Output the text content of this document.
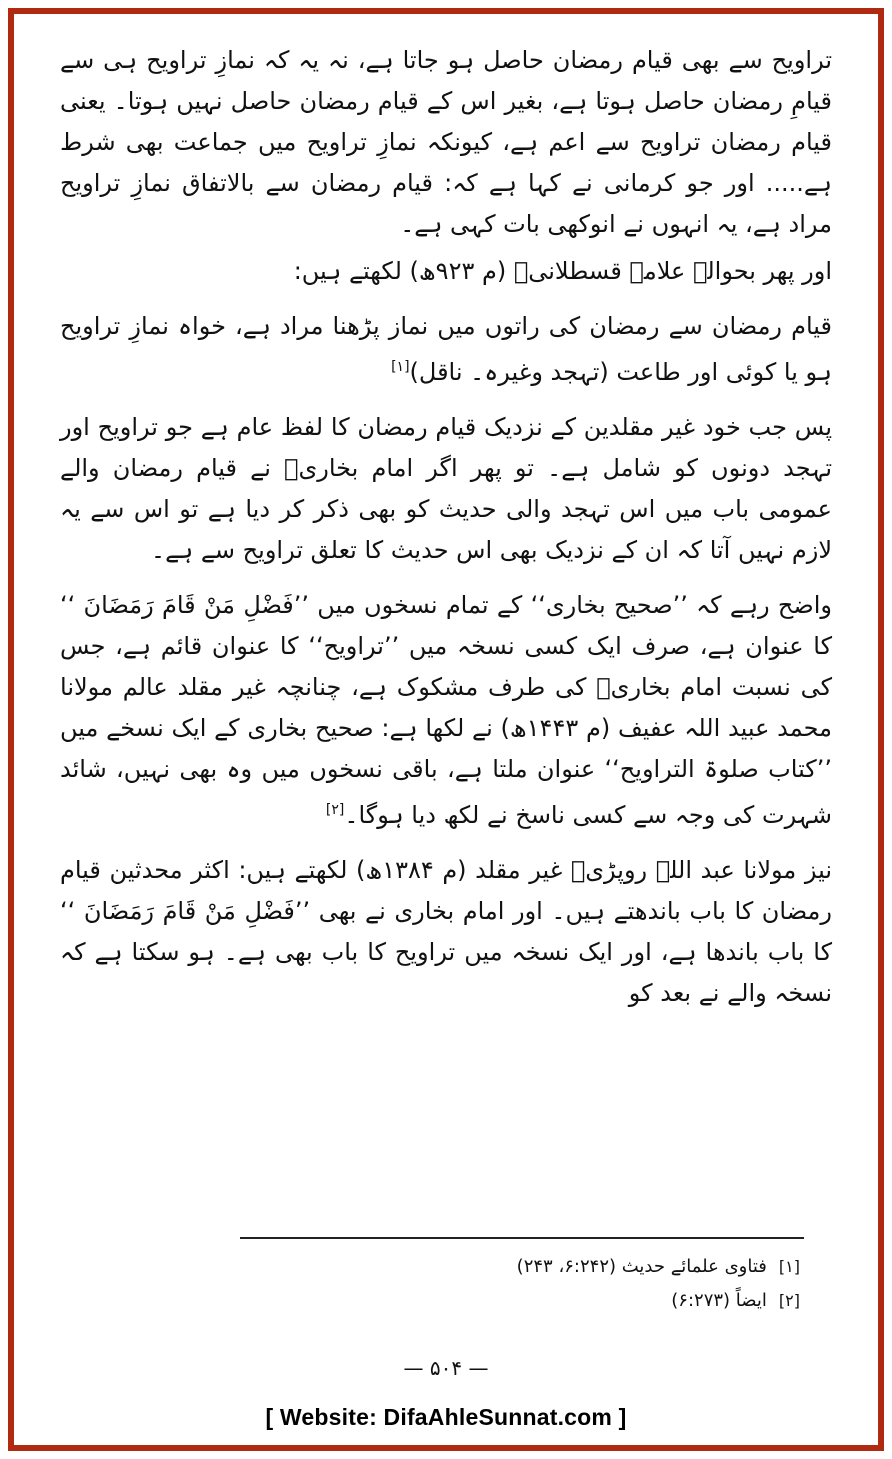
تراویح سے بھی قیام رمضان حاصل ہو جاتا ہے، نہ یہ کہ نمازِ تراویح ہی سے قیامِ رمضان حاصل ہوتا ہے، بغیر اس کے قیام رمضان حاصل نہیں ہوتا۔ یعنی قیام رمضان تراویح سے اعم ہے، کیونکہ نمازِ تراویح میں جماعت بھی شرط ہے..... اور جو کرمانی نے کہا ہے کہ: قیام رمضان سے بالاتفاق نمازِ تراویح مراد ہے، یہ انہوں نے انوکھی بات کہی ہے۔

اور پھر بحوالہ علامہ قسطلانیؒ (م ۹۲۳ھ) لکھتے ہیں:

قیام رمضان سے رمضان کی راتوں میں نماز پڑھنا مراد ہے، خواہ نمازِ تراویح ہو یا کوئی اور طاعت (تہجد وغیرہ۔ ناقل)[۱]

پس جب خود غیر مقلدین کے نزدیک قیام رمضان کا لفظ عام ہے جو تراویح اور تہجد دونوں کو شامل ہے۔ تو پھر اگر امام بخاریؒ نے قیام رمضان والے عمومی باب میں اس تہجد والی حدیث کو بھی ذکر کر دیا ہے تو اس سے یہ لازم نہیں آتا کہ ان کے نزدیک بھی اس حدیث کا تعلق تراویح سے ہے۔

واضح رہے کہ ’’صحیح بخاری‘‘ کے تمام نسخوں میں ’’فَضْلِ مَنْ قَامَ رَمَضَانَ ‘‘ کا عنوان ہے، صرف ایک کسی نسخہ میں ’’تراویح‘‘ کا عنوان قائم ہے، جس کی نسبت امام بخاریؒ کی طرف مشکوک ہے، چنانچہ غیر مقلد عالم مولانا محمد عبید اللہ عفیف (م ۱۴۴۳ھ) نے لکھا ہے: صحیح بخاری کے ایک نسخے میں ’’کتاب صلوۃ التراویح‘‘ عنوان ملتا ہے، باقی نسخوں میں وہ بھی نہیں، شائد شہرت کی وجہ سے کسی ناسخ نے لکھ دیا ہوگا۔[۲]

نیز مولانا عبد اللہ روپڑیؒ غیر مقلد (م ۱۳۸۴ھ) لکھتے ہیں: اکثر محدثین قیام رمضان کا باب باندھتے ہیں۔ اور امام بخاری نے بھی ’’فَضْلِ مَنْ قَامَ رَمَضَانَ ‘‘ کا باب باندھا ہے، اور ایک نسخہ میں تراویح کا باب بھی ہے۔ ہو سکتا ہے کہ نسخہ والے نے بعد کو

[۱]
فتاوی علمائے حدیث (۶:۲۴۲، ۲۴۳)
[۲]
ایضاً (۶:۲۷۳)
— ۵۰۴ —
[ Website: DifaAhleSunnat.com ]
